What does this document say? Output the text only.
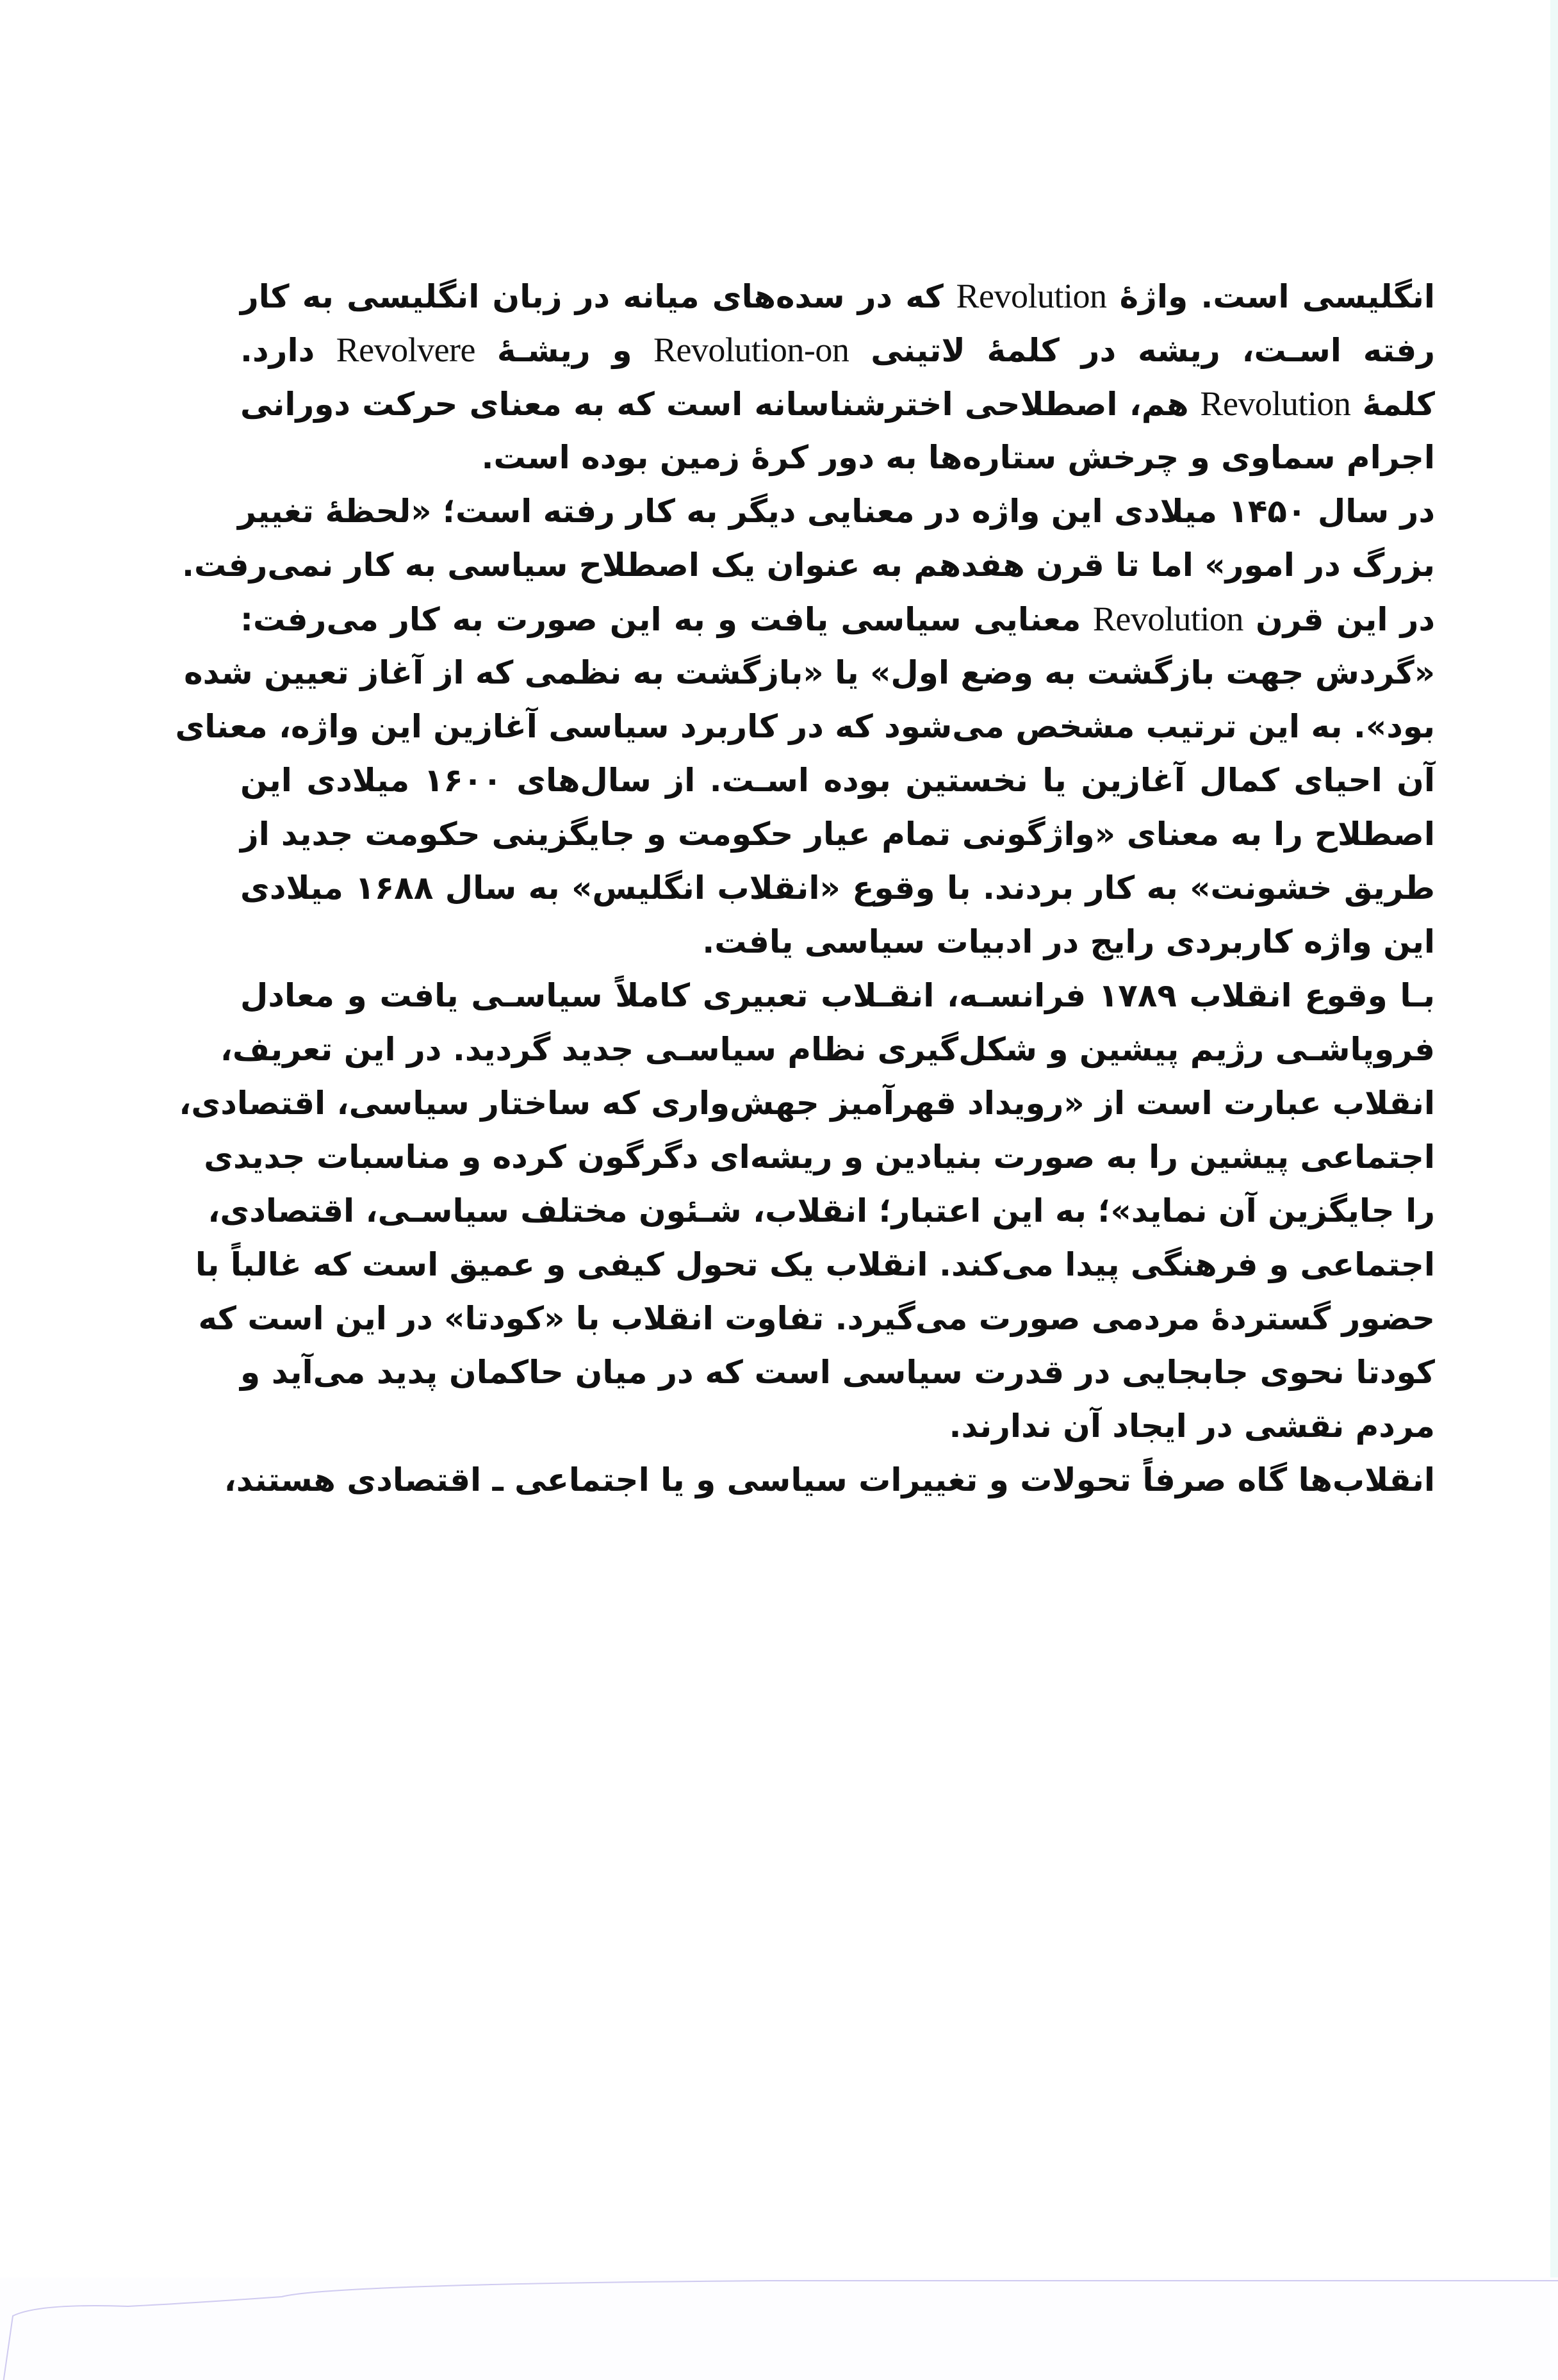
انگلیسی است. واژهٔ Revolution که در سده‌های میانه در زبان انگلیسی به کار
رفته اسـت، ریشه در کلمهٔ لاتینی Revolution-on و ریشـهٔ Revolvere دارد.
کلمهٔ Revolution هم، اصطلاحی اخترشناسانه است که به معنای حرکت دورانی
اجرام سماوی و چرخش ستاره‌ها به دور کرهٔ زمین بوده است.
در سال ۱۴۵۰ میلادی این واژه در معنایی دیگر به کار رفته است؛ «لحظهٔ تغییر
بزرگ در امور» اما تا قرن هفدهم به عنوان یک اصطلاح سیاسی به کار نمی‌رفت.
در این قرن Revolution معنایی سیاسی یافت و به این صورت به کار می‌رفت:
«گردش جهت بازگشت به وضع اول» یا «بازگشت به نظمی که از آغاز تعیین شده
بود». به این ترتیب مشخص می‌شود که در کاربرد سیاسی آغازین این واژه، معنای
آن احیای کمال آغازین یا نخستین بوده اسـت. از سال‌های ۱۶۰۰ میلادی این
اصطلاح را به معنای «واژگونی تمام عیار حکومت و جایگزینی حکومت جدید از
طریق خشونت» به کار بردند. با وقوع «انقلاب انگلیس» به سال ۱۶۸۸ میلادی
این واژه کاربردی رایج در ادبیات سیاسی یافت.
بـا وقوع انقلاب ۱۷۸۹ فرانسـه، انقـلاب تعبیری کاملاً سیاسـی یافت و معادل
فروپاشـی رژیم پیشین و شکل‌گیری نظام سیاسـی جدید گردید. در این تعریف،
انقلاب عبارت است از «رویداد قهرآمیز جهش‌واری که ساختار سیاسی، اقتصادی،
اجتماعی پیشین را به صورت بنیادین و ریشه‌ای دگرگون کرده و مناسبات جدیدی
را جایگزین آن نماید»؛ به این اعتبار؛ انقلاب، شـئون مختلف سیاسـی، اقتصادی،
اجتماعی و فرهنگی پیدا می‌کند. انقلاب یک تحول کیفی و عمیق است که غالباً با
حضور گستردهٔ مردمی صورت می‌گیرد. تفاوت انقلاب با «کودتا» در این است که
کودتا نحوی جابجایی در قدرت سیاسی است که در میان حاکمان پدید می‌آید و
مردم نقشی در ایجاد آن ندارند.
انقلاب‌ها گاه صرفاً تحولات و تغییرات سیاسی و یا اجتماعی ـ اقتصادی هستند،
